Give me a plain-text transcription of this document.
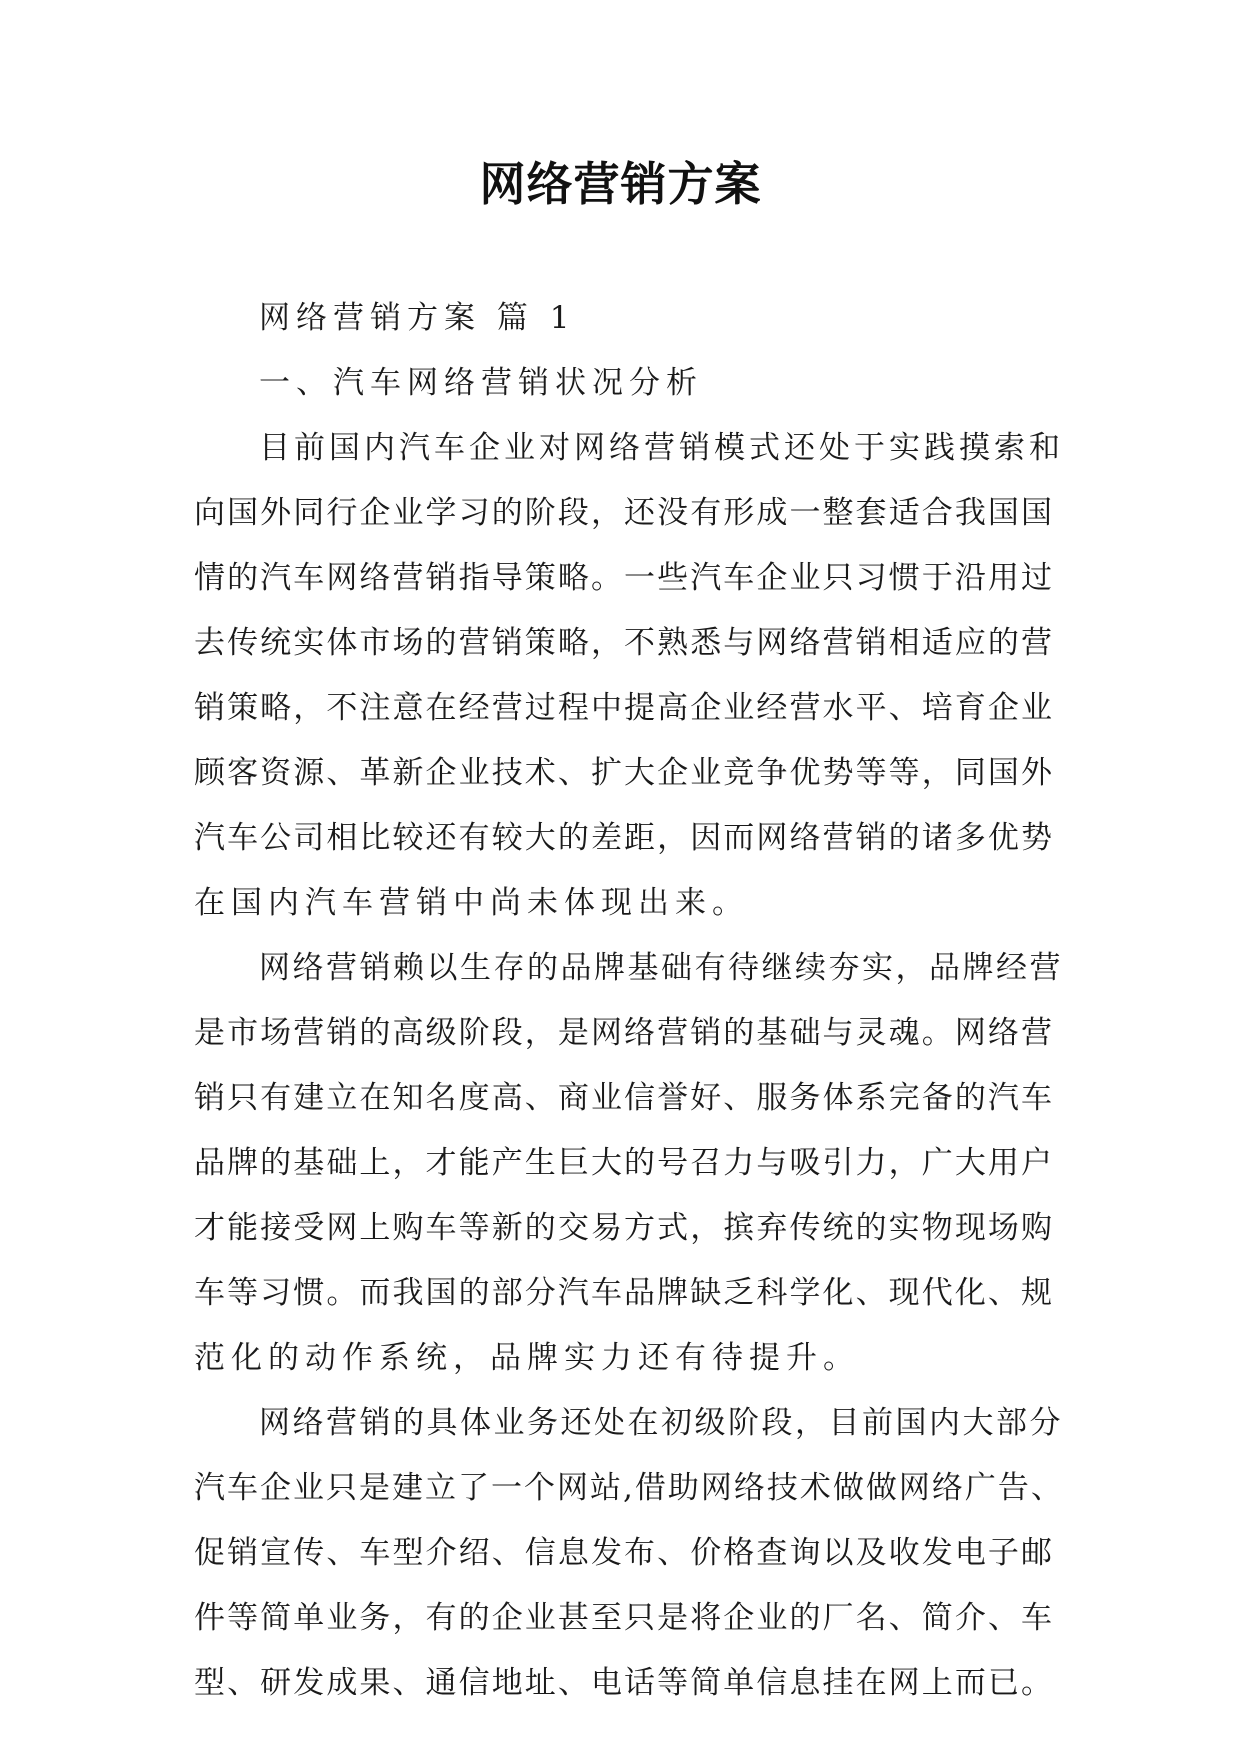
网络营销方案
网络营销方案 篇 1
一、汽车网络营销状况分析
目前国内汽车企业对网络营销模式还处于实践摸索和
向国外同行企业学习的阶段，还没有形成一整套适合我国国
情的汽车网络营销指导策略。一些汽车企业只习惯于沿用过
去传统实体市场的营销策略，不熟悉与网络营销相适应的营
销策略，不注意在经营过程中提高企业经营水平、培育企业
顾客资源、革新企业技术、扩大企业竞争优势等等，同国外
汽车公司相比较还有较大的差距，因而网络营销的诸多优势
在国内汽车营销中尚未体现出来。
网络营销赖以生存的品牌基础有待继续夯实，品牌经营
是市场营销的高级阶段，是网络营销的基础与灵魂。网络营
销只有建立在知名度高、商业信誉好、服务体系完备的汽车
品牌的基础上，才能产生巨大的号召力与吸引力，广大用户
才能接受网上购车等新的交易方式，摈弃传统的实物现场购
车等习惯。而我国的部分汽车品牌缺乏科学化、现代化、规
范化的动作系统，品牌实力还有待提升。
网络营销的具体业务还处在初级阶段，目前国内大部分
汽车企业只是建立了一个网站,借助网络技术做做网络广告、
促销宣传、车型介绍、信息发布、价格查询以及收发电子邮
件等简单业务，有的企业甚至只是将企业的厂名、简介、车
型、研发成果、通信地址、电话等简单信息挂在网上而已。
